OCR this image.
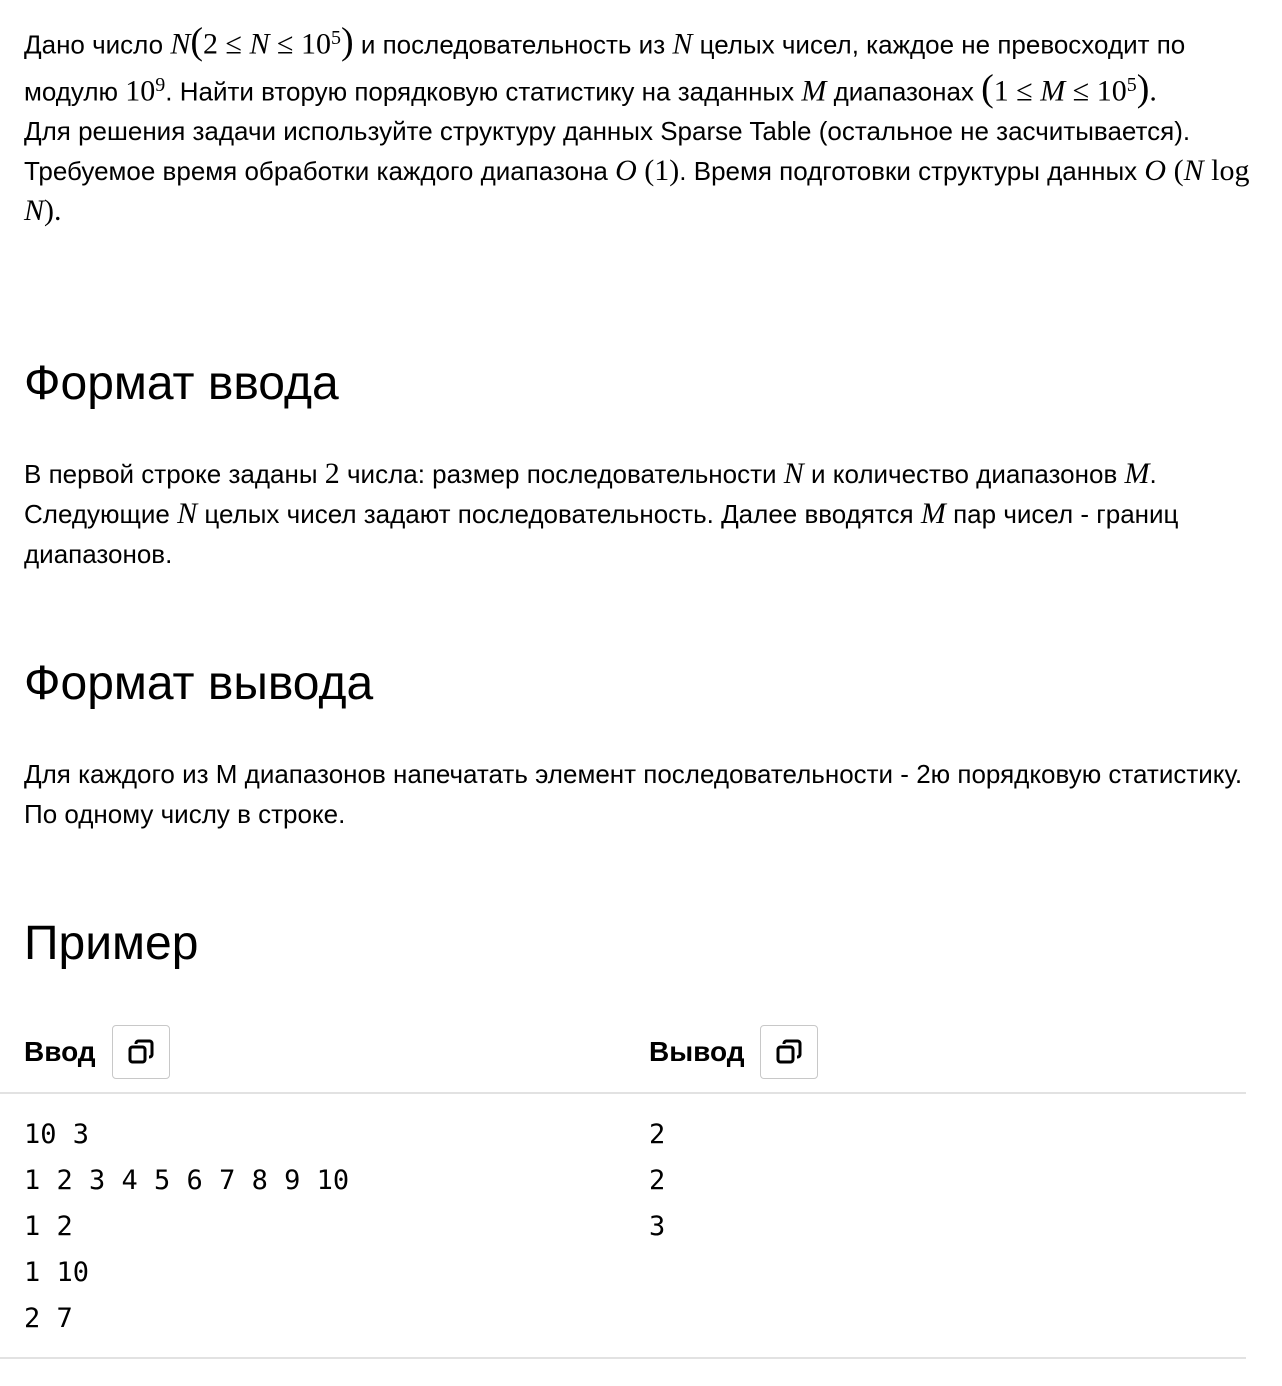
Дано число $N(2 \le N \le 10^5)$ и последовательность из N целых чисел, каждое не превосходит по модулю $10^9$. Найти вторую порядковую статистику на заданных M диапазонах $(1 \le M \le 10^5)$.

Для решения задачи используйте структуру данных Sparse Table (остальное не засчитывается). Требуемое время обработки каждого диапазона O (1). Время подготовки структуры данных O (N log N).

Формат ввода

В первой строке заданы 2 числа: размер последовательности N и количество диапазонов M. Следующие N целых чисел задают последовательность. Далее вводятся M пар чисел - границ диапазонов.

Формат вывода

Для каждого из M диапазонов напечатать элемент последовательности - 2ю порядковую статистику. По одному числу в строке.

Пример
Ввод	Вывод
10 3
1 2 3 4 5 6 7 8 9 10
1 2
1 10
2 7
2
2
3
